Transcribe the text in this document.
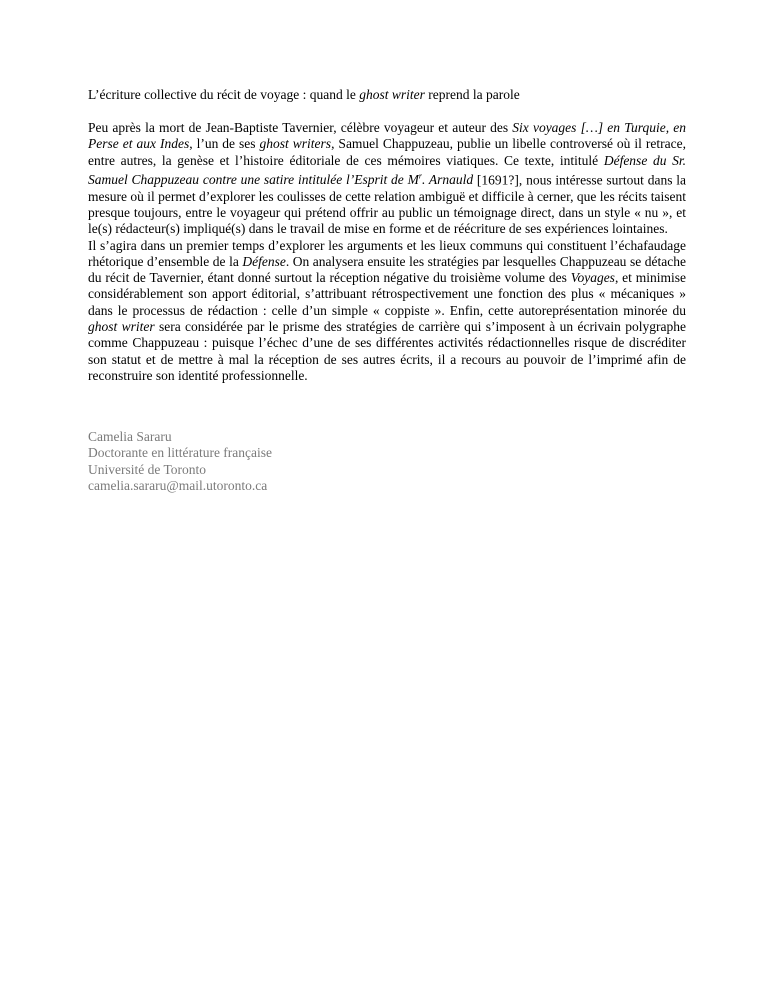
L’écriture collective du récit de voyage : quand le ghost writer reprend la parole

Peu après la mort de Jean-Baptiste Tavernier, célèbre voyageur et auteur des Six voyages […] en Turquie, en Perse et aux Indes, l’un de ses ghost writers, Samuel Chappuzeau, publie un libelle controversé où il retrace, entre autres, la genèse et l’histoire éditoriale de ces mémoires viatiques. Ce texte, intitulé Défense du Sr. Samuel Chappuzeau contre une satire intitulée l’Esprit de $M^r$. Arnauld [1691?], nous intéresse surtout dans la mesure où il permet d’explorer les coulisses de cette relation ambiguë et difficile à cerner, que les récits taisent presque toujours, entre le voyageur qui prétend offrir au public un témoignage direct, dans un style « nu », et le(s) rédacteur(s) impliqué(s) dans le travail de mise en forme et de réécriture de ses expériences lointaines.

Il s’agira dans un premier temps d’explorer les arguments et les lieux communs qui constituent l’échafaudage rhétorique d’ensemble de la Défense. On analysera ensuite les stratégies par lesquelles Chappuzeau se détache du récit de Tavernier, étant donné surtout la réception négative du troisième volume des Voyages, et minimise considérablement son apport éditorial, s’attribuant rétrospectivement une fonction des plus « mécaniques » dans le processus de rédaction : celle d’un simple « coppiste ». Enfin, cette autoreprésentation minorée du ghost writer sera considérée par le prisme des stratégies de carrière qui s’imposent à un écrivain polygraphe comme Chappuzeau : puisque l’échec d’une de ses différentes activités rédactionnelles risque de discréditer son statut et de mettre à mal la réception de ses autres écrits, il a recours au pouvoir de l’imprimé afin de reconstruire son identité professionnelle.

Camelia Sararu
Doctorante en littérature française
Université de Toronto
camelia.sararu@mail.utoronto.ca
